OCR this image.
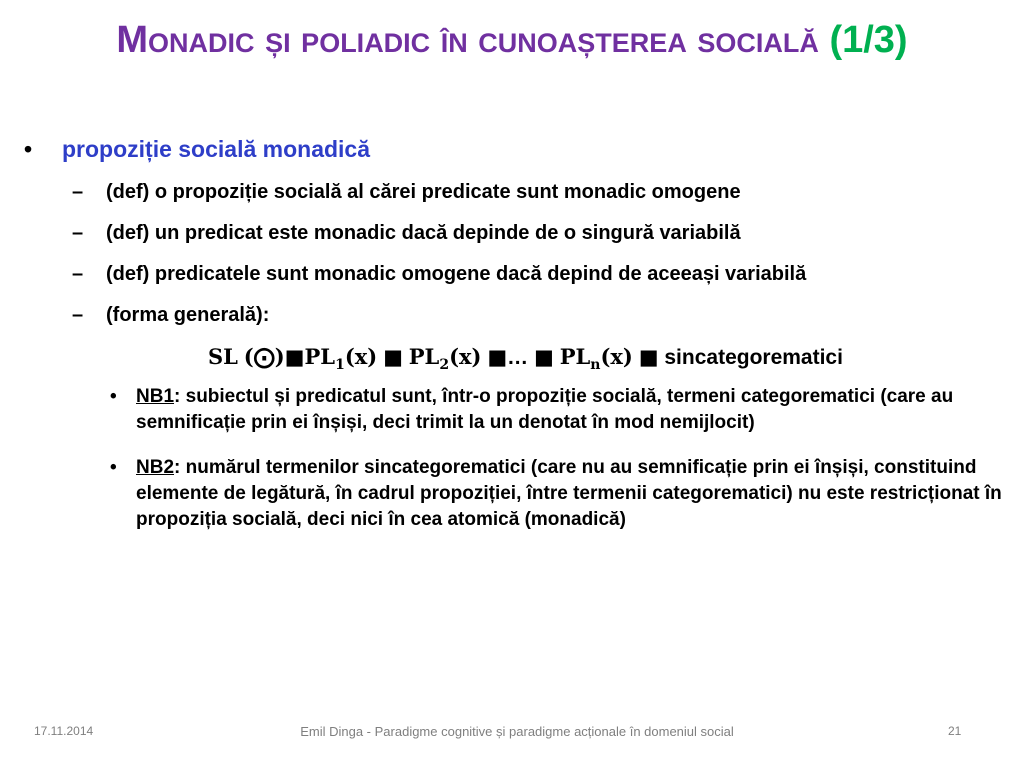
Monadic și poliadic în cunoașterea socială (1/3)
• propoziție socială monadică
– (def) o propoziție socială al cărei predicate sunt monadic omogene
– (def) un predicat este monadic dacă depinde de o singură variabilă
– (def) predicatele sunt monadic omogene dacă depind de aceeași variabilă
– (forma generală):
SL $(⨀)■PL_1(x)$ ■ $PL_2(x)$ ■… ■ $PL_n(x)$ ■ sincategorematici
•	NB1: subiectul și predicatul sunt, într-o propoziție socială, termeni categorematici (care au semnificație prin ei înșiși, deci trimit la un denotat în mod nemijlocit)
•	NB2: numărul termenilor sincategorematici (care nu au semnificație prin ei înșiși, constituind elemente de legătură, în cadrul propoziției, între termenii categorematici) nu este restricționat în propoziția socială, deci nici în cea atomică (monadică)
17.11.2014	Emil Dinga - Paradigme cognitive și paradigme acționale în domeniul social	21
